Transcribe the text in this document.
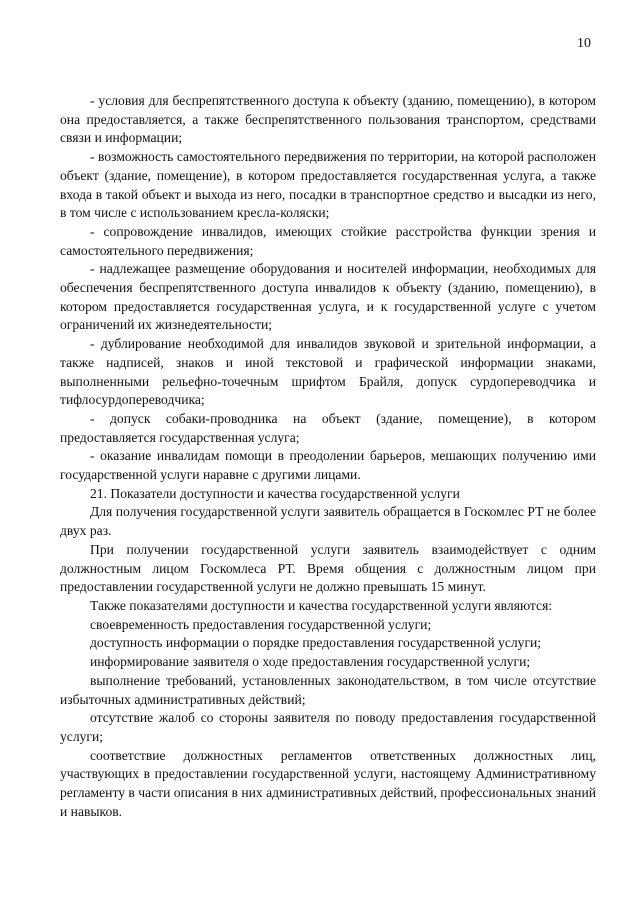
10

- условия для беспрепятственного доступа к объекту (зданию, помещению), в котором она предоставляется, а также беспрепятственного пользования транспортом, средствами связи и информации;

- возможность самостоятельного передвижения по территории, на которой расположен объект (здание, помещение), в котором предоставляется государственная услуга, а также входа в такой объект и выхода из него, посадки в транспортное средство и высадки из него, в том числе с использованием кресла-коляски;

- сопровождение инвалидов, имеющих стойкие расстройства функции зрения и самостоятельного передвижения;

- надлежащее размещение оборудования и носителей информации, необходимых для обеспечения беспрепятственного доступа инвалидов к объекту (зданию, помещению), в котором предоставляется государственная услуга, и к государственной услуге с учетом ограничений их жизнедеятельности;

- дублирование необходимой для инвалидов звуковой и зрительной информации, а также надписей, знаков и иной текстовой и графической информации знаками, выполненными рельефно-точечным шрифтом Брайля, допуск сурдопереводчика и тифлосурдопереводчика;

- допуск собаки-проводника на объект (здание, помещение), в котором предоставляется государственная услуга;

- оказание инвалидам помощи в преодолении барьеров, мешающих получению ими государственной услуги наравне с другими лицами.

21. Показатели доступности и качества государственной услуги

Для получения государственной услуги заявитель обращается в Госкомлес РТ не более двух раз.

При получении государственной услуги заявитель взаимодействует с одним должностным лицом Госкомлеса РТ. Время общения с должностным лицом при предоставлении государственной услуги не должно превышать 15 минут.

Также показателями доступности и качества государственной услуги являются:

своевременность предоставления государственной услуги;

доступность информации о порядке предоставления государственной услуги;

информирование заявителя о ходе предоставления государственной услуги;

выполнение требований, установленных законодательством, в том числе отсутствие избыточных административных действий;

отсутствие жалоб со стороны заявителя по поводу предоставления государственной услуги;

соответствие должностных регламентов ответственных должностных лиц, участвующих в предоставлении государственной услуги, настоящему Административному регламенту в части описания в них административных действий, профессиональных знаний и навыков.
